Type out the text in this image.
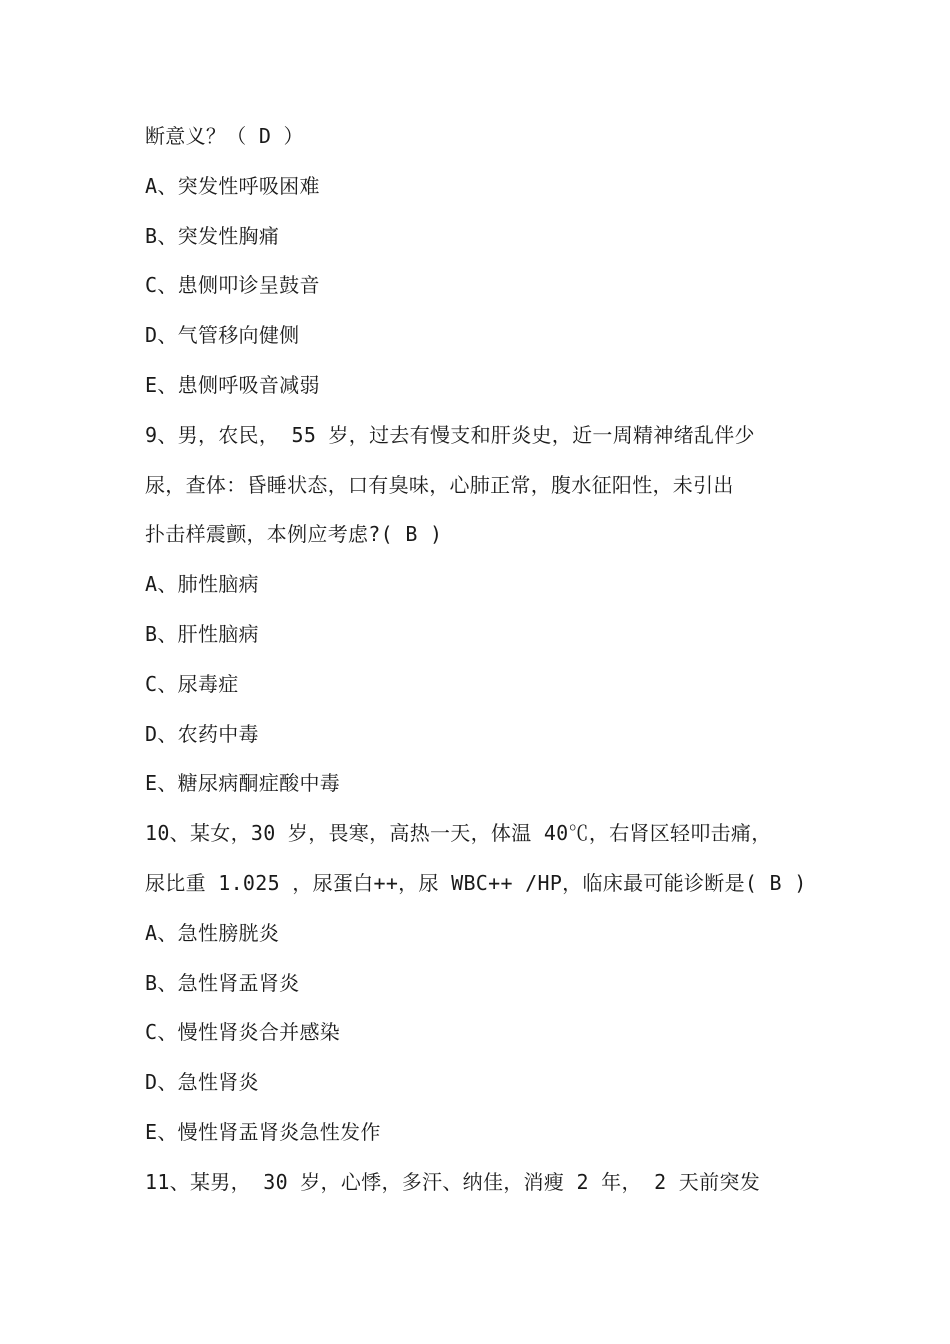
断意义？（ D ）
A、突发性呼吸困难
B、突发性胸痛
C、患侧叩诊呈鼓音
D、气管移向健侧
E、患侧呼吸音减弱
9、男，农民， 55 岁，过去有慢支和肝炎史，近一周精神绪乱伴少
尿，查体：昏睡状态，口有臭味，心肺正常，腹水征阳性，未引出
扑击样震颤，本例应考虑?( B )
A、肺性脑病
B、肝性脑病
C、尿毒症
D、农药中毒
E、糖尿病酮症酸中毒
10、某女，30 岁，畏寒，高热一天，体温 40℃，右肾区轻叩击痛，
尿比重 1.025 ，尿蛋白++，尿 WBC++ /HP，临床最可能诊断是( B )
A、急性膀胱炎
B、急性肾盂肾炎
C、慢性肾炎合并感染
D、急性肾炎
E、慢性肾盂肾炎急性发作
11、某男， 30 岁，心悸，多汗、纳佳，消瘦 2 年， 2 天前突发
